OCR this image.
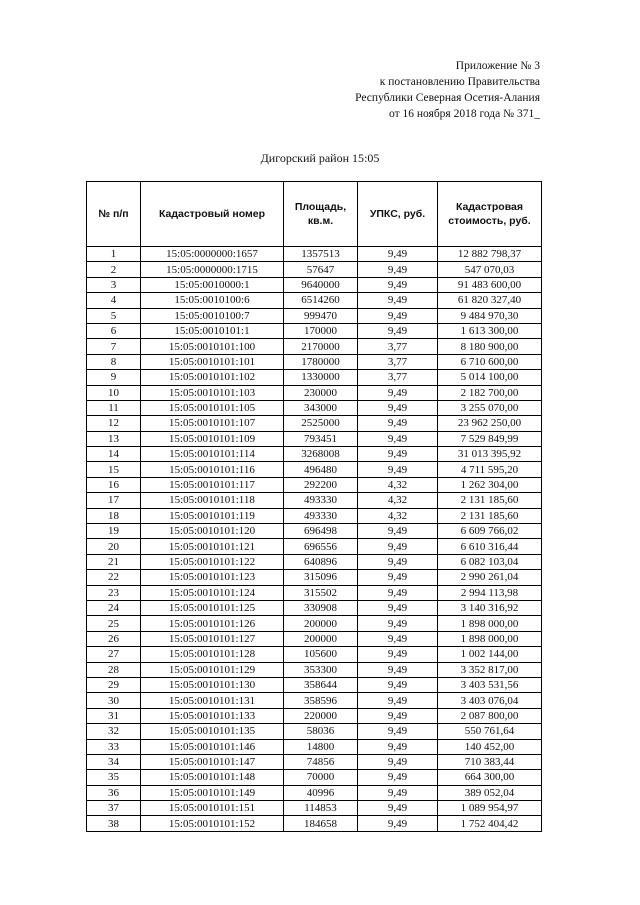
Приложение № 3
к постановлению Правительства
Республики Северная Осетия-Алания
от 16 ноября 2018 года № 371_
Дигорский район 15:05
№ п/п	Кадастровый номер	Площадь, кв.м.	УПКС, руб.	Кадастровая стоимость, руб.
1	15:05:0000000:1657	1357513	9,49	12 882 798,37
2	15:05:0000000:1715	57647	9,49	547 070,03
3	15:05:0010000:1	9640000	9,49	91 483 600,00
4	15:05:0010100:6	6514260	9,49	61 820 327,40
5	15:05:0010100:7	999470	9,49	9 484 970,30
6	15:05:0010101:1	170000	9,49	1 613 300,00
7	15:05:0010101:100	2170000	3,77	8 180 900,00
8	15:05:0010101:101	1780000	3,77	6 710 600,00
9	15:05:0010101:102	1330000	3,77	5 014 100,00
10	15:05:0010101:103	230000	9,49	2 182 700,00
11	15:05:0010101:105	343000	9,49	3 255 070,00
12	15:05:0010101:107	2525000	9,49	23 962 250,00
13	15:05:0010101:109	793451	9,49	7 529 849,99
14	15:05:0010101:114	3268008	9,49	31 013 395,92
15	15:05:0010101:116	496480	9,49	4 711 595,20
16	15:05:0010101:117	292200	4,32	1 262 304,00
17	15:05:0010101:118	493330	4,32	2 131 185,60
18	15:05:0010101:119	493330	4,32	2 131 185,60
19	15:05:0010101:120	696498	9,49	6 609 766,02
20	15:05:0010101:121	696556	9,49	6 610 316,44
21	15:05:0010101:122	640896	9,49	6 082 103,04
22	15:05:0010101:123	315096	9,49	2 990 261,04
23	15:05:0010101:124	315502	9,49	2 994 113,98
24	15:05:0010101:125	330908	9,49	3 140 316,92
25	15:05:0010101:126	200000	9,49	1 898 000,00
26	15:05:0010101:127	200000	9,49	1 898 000,00
27	15:05:0010101:128	105600	9,49	1 002 144,00
28	15:05:0010101:129	353300	9,49	3 352 817,00
29	15:05:0010101:130	358644	9,49	3 403 531,56
30	15:05:0010101:131	358596	9,49	3 403 076,04
31	15:05:0010101:133	220000	9,49	2 087 800,00
32	15:05:0010101:135	58036	9,49	550 761,64
33	15:05:0010101:146	14800	9,49	140 452,00
34	15:05:0010101:147	74856	9,49	710 383,44
35	15:05:0010101:148	70000	9,49	664 300,00
36	15:05:0010101:149	40996	9,49	389 052,04
37	15:05:0010101:151	114853	9,49	1 089 954,97
38	15:05:0010101:152	184658	9,49	1 752 404,42
